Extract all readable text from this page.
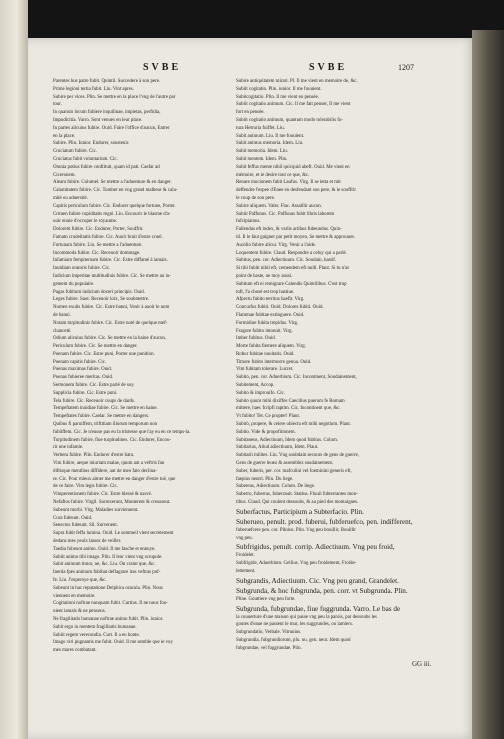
SVBE	SVBE	1207
Parentes hus patre fubit. Quintil. Succedere à son pere.
Prime legioni tertia fubit. Liu. Vint apres.
Subire per vices. Plin. Se mettre en la place l'vng de l'autre par
tour.
In quarum locum fubiere inquilinae, impietas, perfidia,
Impudicitia. Varro. Sont venues en leur place.
In partes alicuius fubire. Ouid. Faire l'office d'aucun, Entrer
en la place.
Subire. Plin. Iunior. Endurer, soustenir.
Cruciatum fubire. Cic.
Cruciatus fubit voluntarium. Cic.
Omnia potius fubire conftituit, quam id pati. Caefar ad
Ciceronem.
Aleam fubire. Columel. Se mettre a l'aduenture & en danger.
Calamitatem fubire. Cic. Tomber en vng grand malheur & cala-
mité ou aduersité.
Capitis periculum fubire. Cic. Endurer quelque fortune, Porter.
Crimen fubire cupiditatis regni. Liu. Encourir le blasme d'a-
uoir enuie d'occuper le royaume.
Dolorem fubire. Cic. Endurer, Porter, Souffrir.
Famam crudelitatis fubire. Cic. Auoir bruit d'estre cruel.
Fortunam fubire. Liu. Se mettre a l'aduenture.
Incommoda fubire. Cic. Receuoir dommage.
Infamiam fempiternam fubire. Cic. Estre diffamé à iamais.
Inuidiam oratoris fubire. Cic.
Iudicium imperitae multitudinis fubire. Cic. Se mettre au iu-
gement du populaire.
Pagas fubitum iudicium doceri principis. Ouid.
Leges fubire. Suet. Receuoir loix, Se soubmettre.
Nomen exulis fubire. Cic. Estre banni, Venir à auoir le nom
de banni.
Notam turpitudinis fubire. Cic. Estre noté de quelque mef-
chanceté.
Odium alicuius fubire. Cic. Se mettre en la haine d'aucun.
Periculum fubire. Cic. Se mettre en danger.
Poenam fubire. Cic. Estre puni, Porter une punition.
Poenam capitis fubire. Cic.
Poenas maximas fubire. Ouid.
Poenas fubieree meritas. Ouid.
Sermonem fubire. Cic. Estre parlé de soy.
Supplicia fubire. Cic. Estre puni.
Tela fubire. Cic. Receuoir coups de dards.
Tempeftatem inuidiae fubire. Cic. Se mettre en haine.
Tempeftates fubire. Caelar. Se mettre en dangers.
Quibus fi paruiffem, triftitiam illorum temporum non
fubiiffem. Cic. Je n'eusse pas eu la tristesse que i'ay eu en ce temps-la.
Turpitudinem fubire, fiue turpitudines. Cic. Endurer, Encou-
rir une infamie.
Verbera fubire. Plin. Endurer d'estre batu.
Vim fubire, aeque iniuriam malae, quum aut a veftris fan
diftisque mentibus diffidere, aut de meo fato declina-
re. Cic. Pour mieux aimer me mettre en danger d'estre tué, que
de ce faire. Vim legis fubire. Cic.
Vimperentionem fubire. Cic. Estre blessé & navré.
Nefaftos fubire. Virgil. Surrexerunt, Monterent & creusseut.
Subeunt morbi. Virg. Maladies surviennent.
Cura fubeunt. Ouid.
Senectus fubeunt. Sil. Survenent.
Supra fubit feffa lumina. Ouid. Le sommeil vient secretement
dedans mes yeulx lassez de veiller.
Taedia fubeunt animo. Ouid. Il me fasche et ennuye.
Subiit animo tibi imago. Plin. Il leur vient vng scrupule.
Subit animum timor, ne, &c. Liu. On craint que, &c.
Inerda fpes animum fubibat deflagrare iras veftras pof-
fe. Liu. J'esperoye que, &c.
Subeunt in hac reputatione Delphica oracula. Plin. Nous
viennent en memoire.
Cogitationi noftrae nunquam fubit. Curtius. Il ne nous fou-
uient iamais & ne pensons.
Ne fragilitatis humanae noftrae animo fubit. Plin. iunior.
Subit ergo in mentem fragilitatis humanae.
Subiit regem verecundia. Curt. Il a eu honte.
Imago viri pugnantis me fubit. Ouid. Il me semble que ie voy
mes mares combatant.
Subire antiquitatem mirari. Pl. Il me vient en memoire de, &c.
Subiit cogitatio. Plin. iunior. Il me fouuient.
Subitcogitatio. Plin. Il me vient en pensée.
Subiit cogitatio animum. Cic. Il me fait penser, Il me vient
fort en pensée.
Subiit cogitatio animum, quantum modo tolerabilis fu-
tura Hetruria fuiffet. Liu.
Subit animum. Liu. Il me fouuient.
Subit animus memoria. Idem. Liu.
Subit memoria. Idem. Liu.
Subit mentem. Idem. Plin.
Subit feffus mente nihil quicquid abeft. Ouid. Me vient en
mémoire, et ie desire tout ce que, &c.
Renare mocionem fubit Laufus. Virg. Il se ietta et mit
deffendre l'espee d'Enee en desfendant son pere, & le souffrir
le coup de son pere.
Subire aliquem. Valer. Flac. Assaillir aucun.
Subiit Paffunus. Cic. Paffunus fubit libris laborem
fufcipiamus.
Fallendus eft index, & variis artibus fubeundus. Quin-
til. Il le faut gaigner par petit moyen, Se mettre & approuuer.
Auxilio fubire alicui. Virg. Venir a l'aide.
Loquentem fubire. Claud. Respondre a celuy qui a parlé.
Subitus, pen. cor. Adiectiuum. Cic. Soudain, hastif.
Si tibi fubiti nihil eft, cemendem eft nulli. Plaut. Si tu n'as
point de haste, ne moy aussi.
Subitum eft ei remigrare Calendis Quintilibus. C'est trop
toft, I'a chosé est trop hastiue.
Afpectu fubito territus haefit. Virg.
Concurfus fubiti. Ouid. Dolores fubiti. Ouid.
Flammae fubitae extinguere. Ouid.
Formidine fubita trepidus. Virg.
Fragore fubito intonuit. Virg.
Imber fubitus. Ouid.
Morte fubita fiemere aliquem. Virg.
Robur fubitae nouitatis. Ouid.
Timore fubito intermorre genua. Ouid.
Vim fubitam tolerare. Lucret.
Subito, pen. cor. Aduerbium. Cic. Incontinent, Soudainement,
Subitement, Accop.
Subito & improuifo. Cic.
Subito quum mihi dixiffes Caecilius puerum fe Romam
mittere, haec fcripfi raptim. Cic. Incontinent que, &c.
Vt fubito! Ter. Ce propter! Plaut.
Subitò, propere, & celere obiectu eft mihi negotium. Plaut.
Subito. Vide & propofitionem.
Subitaneus, Adiectiuum, Idem quod fubitus. Colum.
Subitarius, Aliud adiectiuum, Idem. Plaut.
Subitarii milites. Liu. Vng soubdain secours de gens de guerre,
Gens de guerre leuez & assemblez soudainement.
Suber, fuberis, per. cor. mafculini vel foeminini generis eft,
faepius neutri. Plin. Du liege.
Subereus, Adiectiuum. Colum. De liege.
Suberro, fuberras, fuberrauit. Statius. Fluuii fubterrantes mon-
tibus. Claud. Qui coulent dessoubs, & au pied des montaignes.
Suberfactus, Participium a Subterfacio. Plin.
Suberueo, penult. prod. fuberui, fubferuefco, pen. indifferent,
fuberuefcere pen. cor. Plinius. Plin. Vng peu bouillir, Bouillir
vng peu.
Subfrigidus, penult. corrip. Adiectiuum. Vng peu froid,
Froidelet.
Subfrigide, Aduerbium. Gellius. Vng peu froidement, Froide-
lettement.
Subgrandis, Adiectiuum. Cic. Vng peu grand, Grandelet.
Subgrunda, & hoc fubgrunda, pen. corr. vt Subgrunda. Plin.
Pline. Gouttiere vng peu forte.
Subgrunda, fubgrundae, fiue fuggrunda. Varro. Le bas de
la couuerture d'une maison qui passe vng peu la parois, par dessoubs les
goutes d'eaue ne passent le mur, les suggrundes, ou lamiers.
Subgrundatio, Verbale. Vitruuius.
Subgrundia, fubgrundiorum, plu. nu. gen. neut. Idem quod
fubgrundae, vel fuggrundae. Plin.
GG iii.
